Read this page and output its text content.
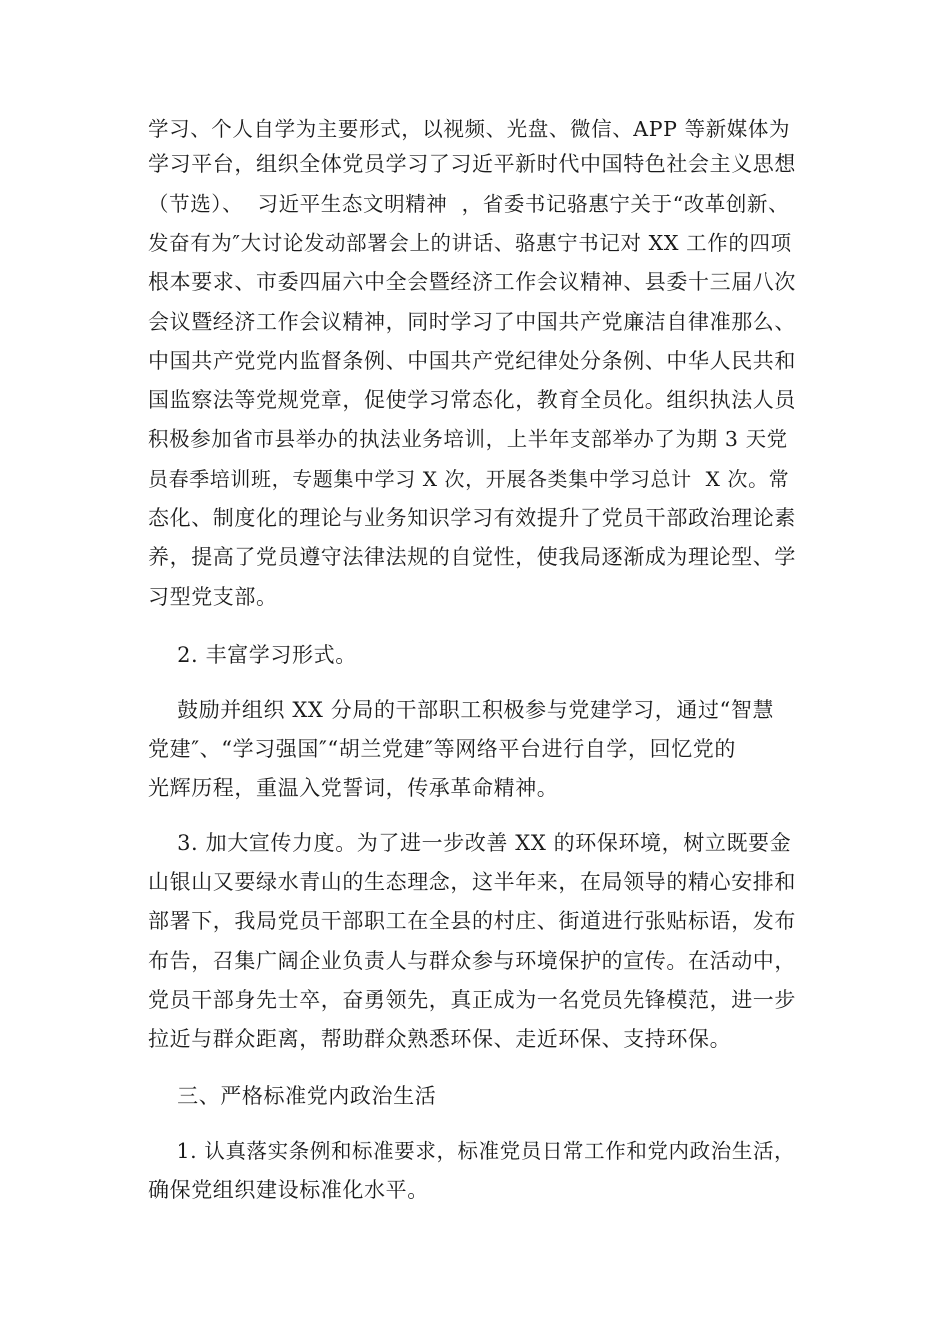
学习、个人自学为主要形式，以视频、光盘、微信、APP 等新媒体为

学习平台，组织全体党员学习了习近平新时代中国特色社会主义思想

（节选）、  习近平生态文明精神  ，省委书记骆惠宁关于“改革创新、

发奋有为″大讨论发动部署会上的讲话、骆惠宁书记对 XX 工作的四项

根本要求、市委四届六中全会暨经济工作会议精神、县委十三届八次

会议暨经济工作会议精神，同时学习了中国共产党廉洁自律准那么、

中国共产党党内监督条例、中国共产党纪律处分条例、中华人民共和

国监察法等党规党章，促使学习常态化，教育全员化。组织执法人员

积极参加省市县举办的执法业务培训，上半年支部举办了为期 3 天党

员春季培训班，专题集中学习 X 次，开展各类集中学习总计  X 次。常

态化、制度化的理论与业务知识学习有效提升了党员干部政治理论素

养，提高了党员遵守法律法规的自觉性，使我局逐渐成为理论型、学

习型党支部。

2. 丰富学习形式。

鼓励并组织 XX 分局的干部职工积极参与党建学习，通过“智慧

党建″、“学习强国″“胡兰党建″等网络平台进行自学，回忆党的

光辉历程，重温入党誓词，传承革命精神。

3. 加大宣传力度。为了进一步改善 XX 的环保环境，树立既要金

山银山又要绿水青山的生态理念，这半年来，在局领导的精心安排和

部署下，我局党员干部职工在全县的村庄、街道进行张贴标语，发布

布告，召集广阔企业负责人与群众参与环境保护的宣传。在活动中，

党员干部身先士卒，奋勇领先，真正成为一名党员先锋模范，进一步

拉近与群众距离，帮助群众熟悉环保、走近环保、支持环保。

三、严格标准党内政治生活

1. 认真落实条例和标准要求，标准党员日常工作和党内政治生活，

确保党组织建设标准化水平。
